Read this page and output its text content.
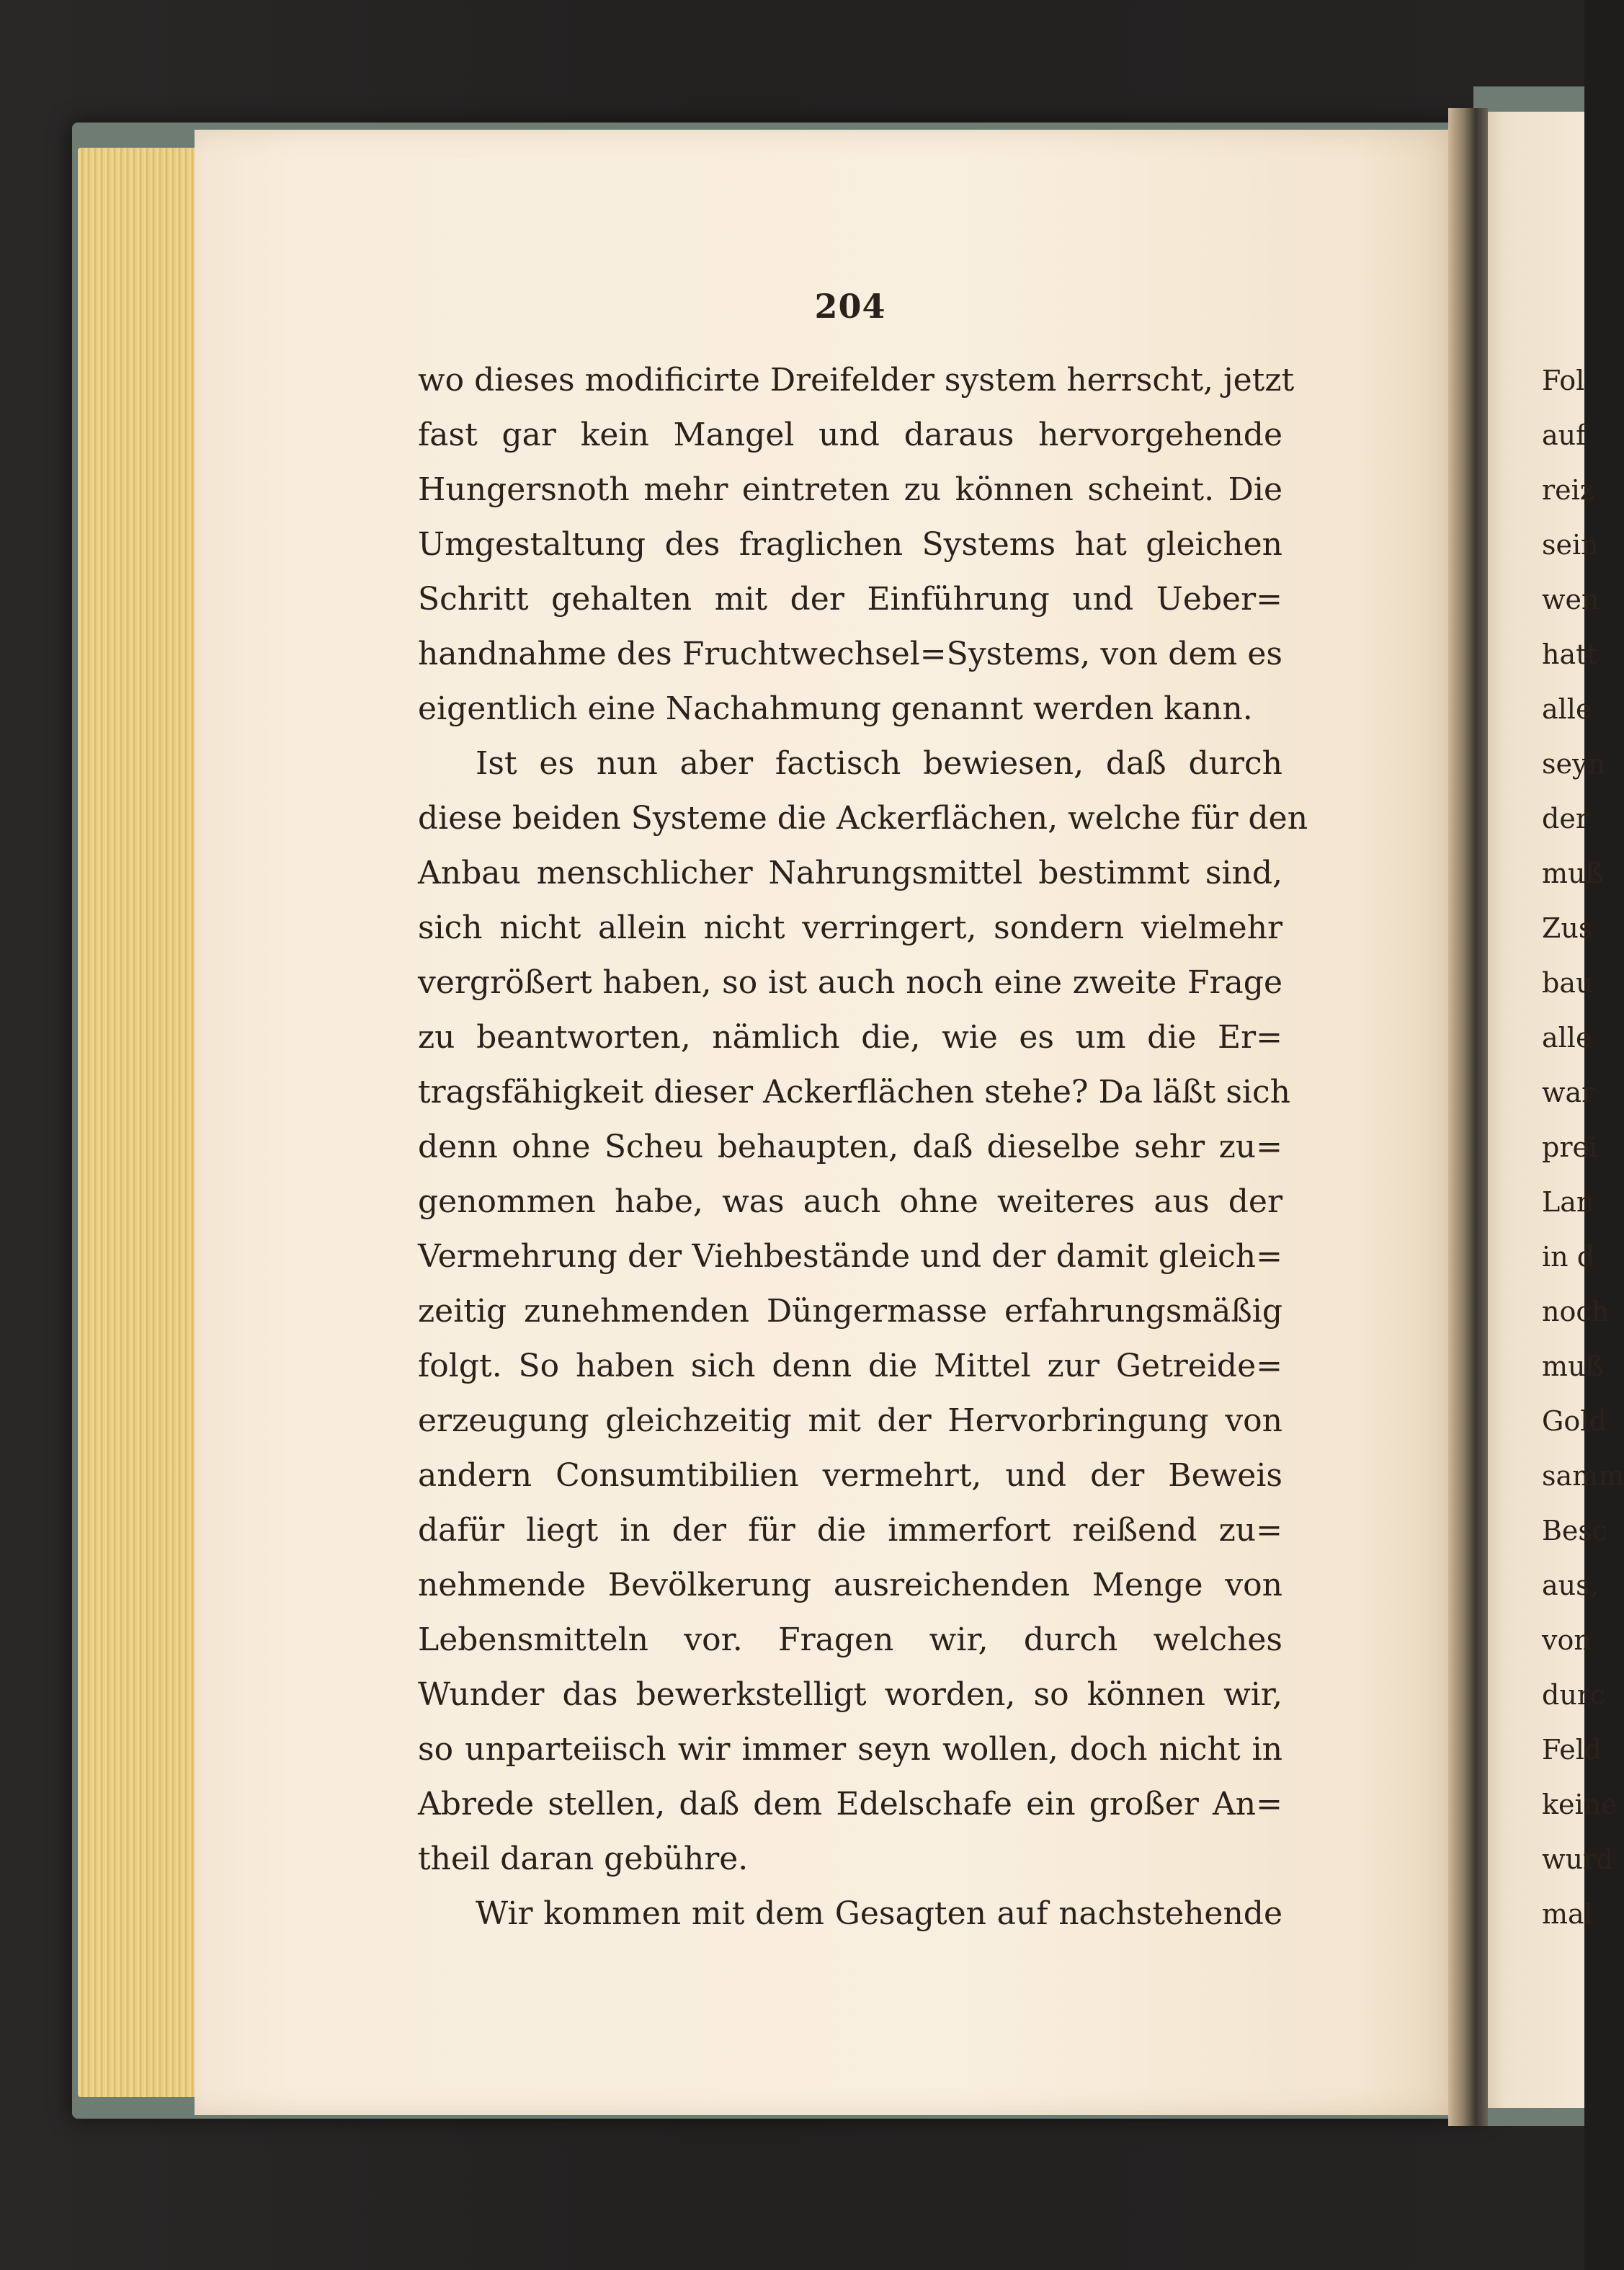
Fol
auf
reiz
sein
wen
hatt
alle
seyn
der
muß
Zus
bau
alle
war
prei
Lan
in d
noch
muß
Gold
samm
Besc
aus,
von
durc
Feld
keine
wurd
mal
204
wo dieses modificirte Dreifelder system herrscht, jetzt
fast gar kein Mangel und daraus hervorgehende
Hungersnoth mehr eintreten zu können scheint. Die
Umgestaltung des fraglichen Systems hat gleichen
Schritt gehalten mit der Einführung und Ueber=
handnahme des Fruchtwechsel=Systems, von dem es
eigentlich eine Nachahmung genannt werden kann.
Ist es nun aber factisch bewiesen, daß durch
diese beiden Systeme die Ackerflächen, welche für den
Anbau menschlicher Nahrungsmittel bestimmt sind,
sich nicht allein nicht verringert, sondern vielmehr
vergrößert haben, so ist auch noch eine zweite Frage
zu beantworten, nämlich die, wie es um die Er=
tragsfähigkeit dieser Ackerflächen stehe? Da läßt sich
denn ohne Scheu behaupten, daß dieselbe sehr zu=
genommen habe, was auch ohne weiteres aus der
Vermehrung der Viehbestände und der damit gleich=
zeitig zunehmenden Düngermasse erfahrungsmäßig
folgt. So haben sich denn die Mittel zur Getreide=
erzeugung gleichzeitig mit der Hervorbringung von
andern Consumtibilien vermehrt, und der Beweis
dafür liegt in der für die immerfort reißend zu=
nehmende Bevölkerung ausreichenden Menge von
Lebensmitteln vor. Fragen wir, durch welches
Wunder das bewerkstelligt worden, so können wir,
so unparteiisch wir immer seyn wollen, doch nicht in
Abrede stellen, daß dem Edelschafe ein großer An=
theil daran gebühre.
Wir kommen mit dem Gesagten auf nachstehende
